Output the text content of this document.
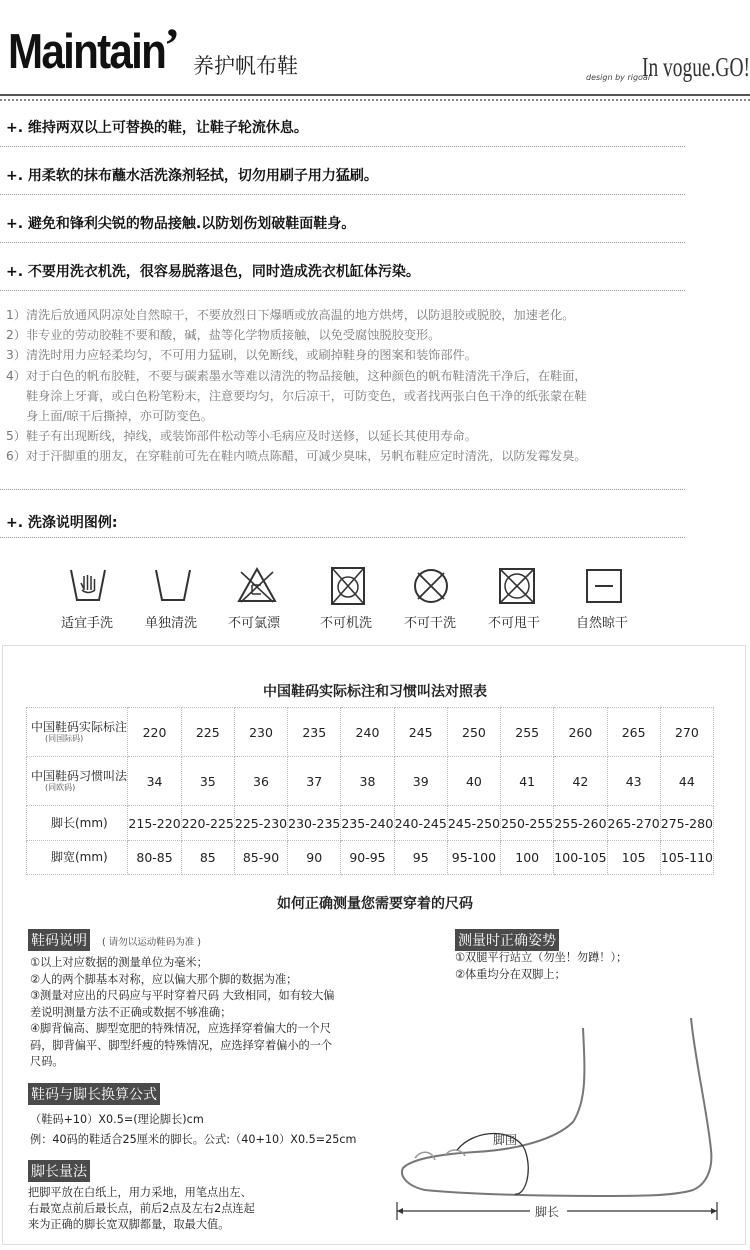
Maintain
’ 养护帆布鞋	design by rigoal
In vogue.GO!
+. 维持两双以上可替换的鞋，让鞋子轮流休息。
+. 用柔软的抹布蘸水活洗涤剂轻拭，切勿用刷子用力猛刷。
+. 避免和锋利尖锐的物品接触.以防划伤划破鞋面鞋身。
+. 不要用洗衣机洗，很容易脱落退色，同时造成洗衣机缸体污染。
1）清洗后放通风阴凉处自然晾干，不要放烈日下爆晒或放高温的地方烘烤，以防退胶或脱胶，加速老化。
2）非专业的劳动胶鞋不要和酸，碱，盐等化学物质接触，以免受腐蚀脱胶变形。
3）清洗时用力应轻柔均匀，不可用力猛刷，以免断线，或刷掉鞋身的图案和装饰部件。
4）对于白色的帆布胶鞋，不要与碳素墨水等难以清洗的物品接触，这种颜色的帆布鞋清洗干净后，在鞋面，
鞋身涂上牙膏，或白色粉笔粉末，注意要均匀，尔后凉干，可防变色，或者找两张白色干净的纸张蒙在鞋
身上面/晾干后撕掉，亦可防变色。
5）鞋子有出现断线，掉线，或装饰部件松动等小毛病应及时送修，以延长其使用寿命。
6）对于汗脚重的朋友，在穿鞋前可先在鞋内喷点陈醋，可减少臭味，另帆布鞋应定时清洗，以防发霉发臭。
+. 洗涤说明图例:
适宜手洗 单独清洗 不可氯漂	不可机洗 不可干洗 不可甩干	自然晾干
中国鞋码实际标注和习惯叫法对照表
中国鞋码实际标注
(同国际码)	220	225	230	235	240	245	250	255	260	265	270
中国鞋码习惯叫法
(同欧码)	34	35	36	37	38	39	40	41	42	43	44
脚长(mm)	215-220	220-225	225-230	230-235	235-240	240-245	245-250	250-255	255-260	265-270	275-280
脚宽(mm)	80-85	85	85-90	90	90-95	95	95-100	100	100-105	105	105-110
如何正确测量您需要穿着的尺码
鞋码说明	( 请勿以运动鞋码为准 )
①以上对应数据的测量单位为毫米；
②人的两个脚基本对称，应以偏大那个脚的数据为准；
③测量对应出的尺码应与平时穿着尺码 大致相同，如有较大偏
差说明测量方法不正确或数据不够准确；
④脚背偏高、脚型宽肥的特殊情况，应选择穿着偏大的一个尺
码，脚背偏平、脚型纤瘦的特殊情况，应选择穿着偏小的一个
尺码。
测量时正确姿势
①双腿平行站立（勿坐！勿蹲！）；
②体重均分在双脚上；
鞋码与脚长换算公式
（鞋码+10）X0.5=(理论脚长)cm
例：40码的鞋适合25厘米的脚长。公式:（40+10）X0.5=25cm
脚长量法
把脚平放在白纸上，用力采地，用笔点出左、
右最宽点前后最长点，前后2点及左右2点连起
来为正确的脚长宽双脚都量，取最大值。
脚围
脚长
